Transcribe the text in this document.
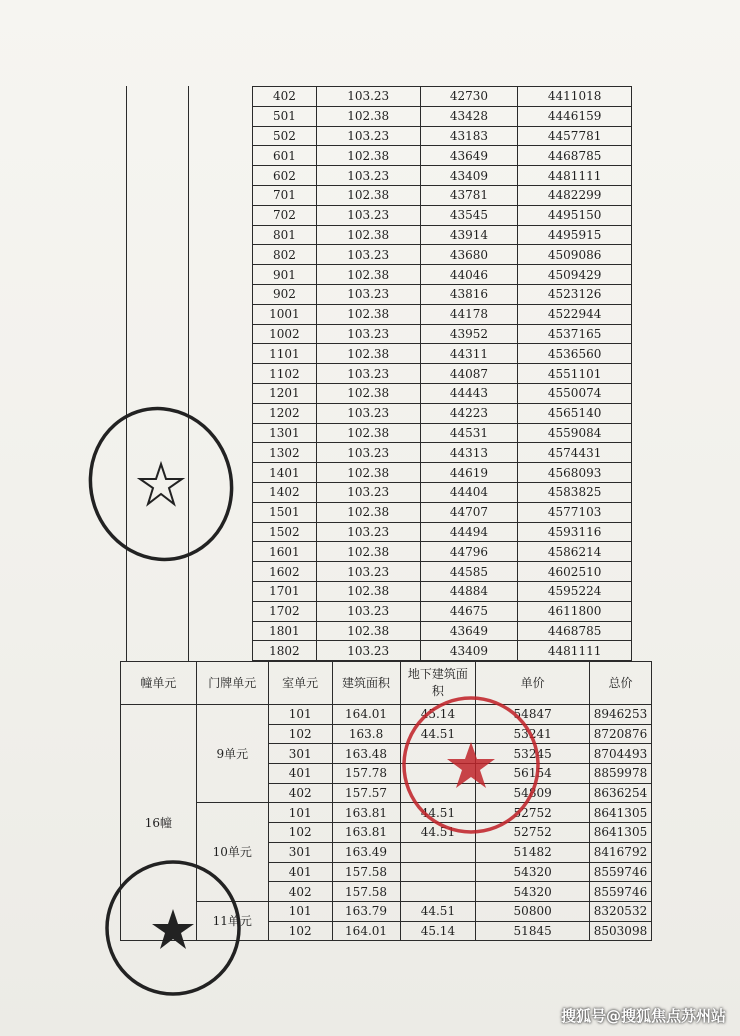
402	103.23	42730	4411018
501	102.38	43428	4446159
502	103.23	43183	4457781
601	102.38	43649	4468785
602	103.23	43409	4481111
701	102.38	43781	4482299
702	103.23	43545	4495150
801	102.38	43914	4495915
802	103.23	43680	4509086
901	102.38	44046	4509429
902	103.23	43816	4523126
1001	102.38	44178	4522944
1002	103.23	43952	4537165
1101	102.38	44311	4536560
1102	103.23	44087	4551101
1201	102.38	44443	4550074
1202	103.23	44223	4565140
1301	102.38	44531	4559084
1302	103.23	44313	4574431
1401	102.38	44619	4568093
1402	103.23	44404	4583825
1501	102.38	44707	4577103
1502	103.23	44494	4593116
1601	102.38	44796	4586214
1602	103.23	44585	4602510
1701	102.38	44884	4595224
1702	103.23	44675	4611800
1801	102.38	43649	4468785
1802	103.23	43409	4481111
幢单元	门牌单元	室单元	建筑面积	地下建筑面积	单价	总价
16幢	9单元	101	164.01	45.14	54847	8946253
		102	163.8	44.51	53241	8720876
		301	163.48		53245	8704493
		401	157.78		56154	8859978
		402	157.57		54809	8636254
	10单元	101	163.81	44.51	52752	8641305
		102	163.81	44.51	52752	8641305
		301	163.49		51482	8416792
		401	157.58		54320	8559746
		402	157.58		54320	8559746
	11单元	101	163.79	44.51	50800	8320532
		102	164.01	45.14	51845	8503098
搜狐号@搜狐焦点苏州站
